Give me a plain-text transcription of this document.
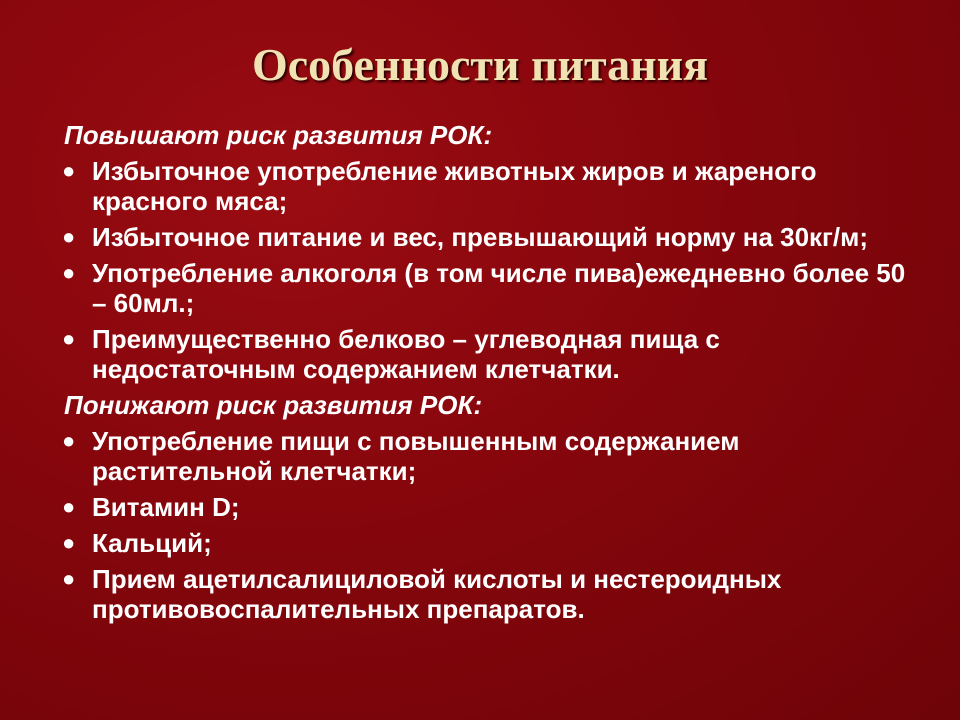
Особенности питания
Повышают риск развития РОК:
● Избыточное употребление животных жиров и жареного красного мяса;
● Избыточное питание и вес, превышающий норму на 30кг/м;
● Употребление алкоголя (в том числе пива)ежедневно более 50 – 60мл.;
● Преимущественно белково – углеводная пища с недостаточным содержанием клетчатки.
Понижают риск развития РОК:
● Употребление пищи с повышенным содержанием растительной клетчатки;
● Витамин D;
● Кальций;
● Прием ацетилсалициловой кислоты и нестероидных противовоспалительных препаратов.
